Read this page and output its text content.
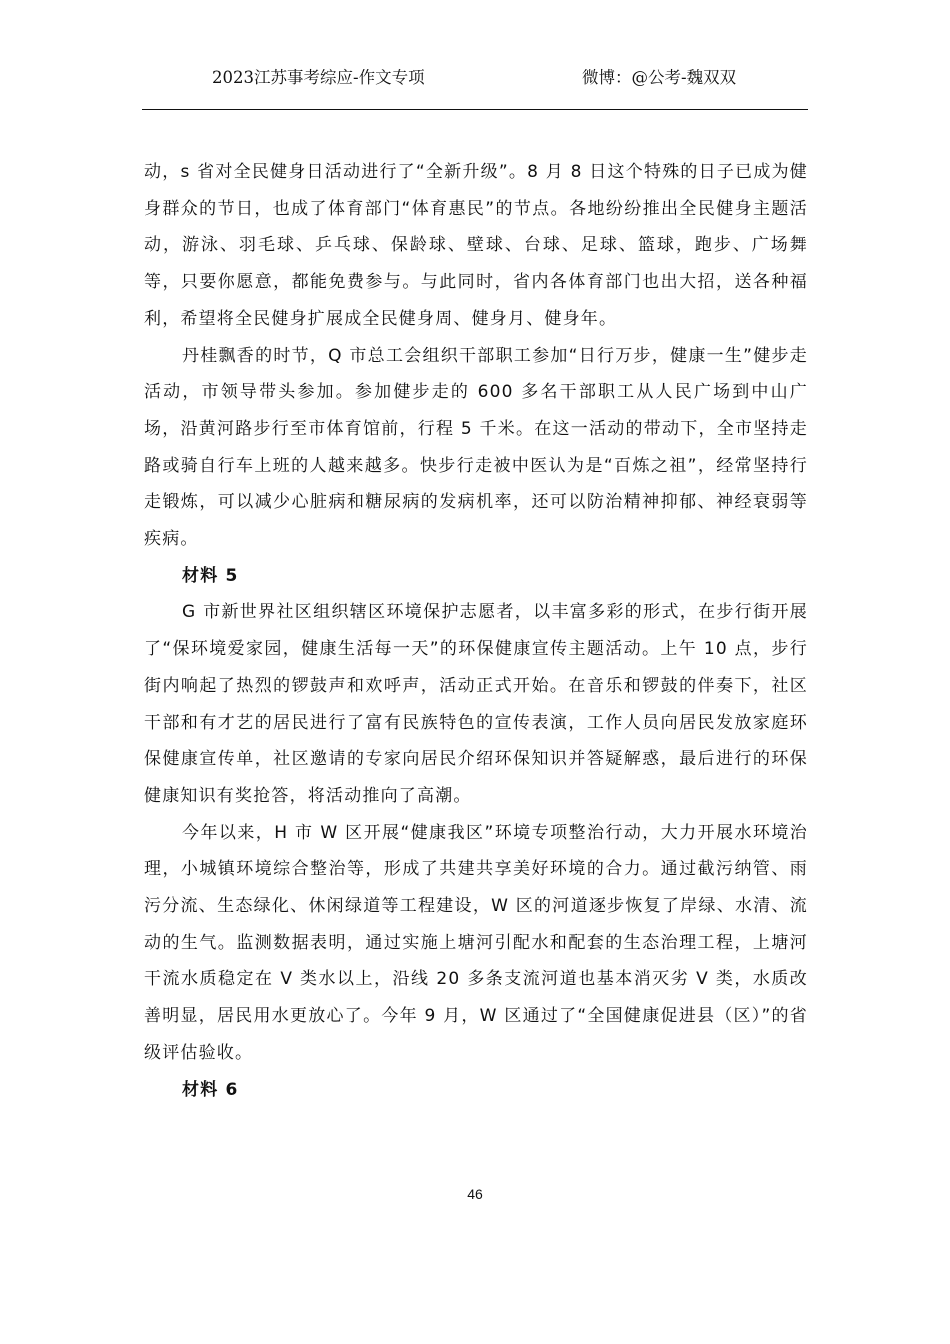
2023江苏事考综应-作文专项	微博：@公考-魏双双

动，s 省对全民健身日活动进行了“全新升级”。8 月 8 日这个特殊的日子已成为健身群众的节日，也成了体育部门“体育惠民”的节点。各地纷纷推出全民健身主题活动，游泳、羽毛球、乒乓球、保龄球、壁球、台球、足球、篮球，跑步、广场舞等，只要你愿意，都能免费参与。与此同时，省内各体育部门也出大招，送各种福利，希望将全民健身扩展成全民健身周、健身月、健身年。

丹桂飘香的时节，Q 市总工会组织干部职工参加“日行万步，健康一生”健步走活动，市领导带头参加。参加健步走的 600 多名干部职工从人民广场到中山广场，沿黄河路步行至市体育馆前，行程 5 千米。在这一活动的带动下，全市坚持走路或骑自行车上班的人越来越多。快步行走被中医认为是“百炼之祖”，经常坚持行走锻炼，可以减少心脏病和糖尿病的发病机率，还可以防治精神抑郁、神经衰弱等疾病。

材料 5

G 市新世界社区组织辖区环境保护志愿者，以丰富多彩的形式，在步行街开展了“保环境爱家园，健康生活每一天”的环保健康宣传主题活动。上午 10 点，步行街内响起了热烈的锣鼓声和欢呼声，活动正式开始。在音乐和锣鼓的伴奏下，社区干部和有才艺的居民进行了富有民族特色的宣传表演，工作人员向居民发放家庭环保健康宣传单，社区邀请的专家向居民介绍环保知识并答疑解惑，最后进行的环保健康知识有奖抢答，将活动推向了高潮。

今年以来，H 市 W 区开展“健康我区”环境专项整治行动，大力开展水环境治理，小城镇环境综合整治等，形成了共建共享美好环境的合力。通过截污纳管、雨污分流、生态绿化、休闲绿道等工程建设，W 区的河道逐步恢复了岸绿、水清、流动的生气。监测数据表明，通过实施上塘河引配水和配套的生态治理工程，上塘河干流水质稳定在 V 类水以上，沿线 20 多条支流河道也基本消灭劣 V 类，水质改善明显，居民用水更放心了。今年 9 月，W 区通过了“全国健康促进县（区）”的省级评估验收。

材料 6

46
